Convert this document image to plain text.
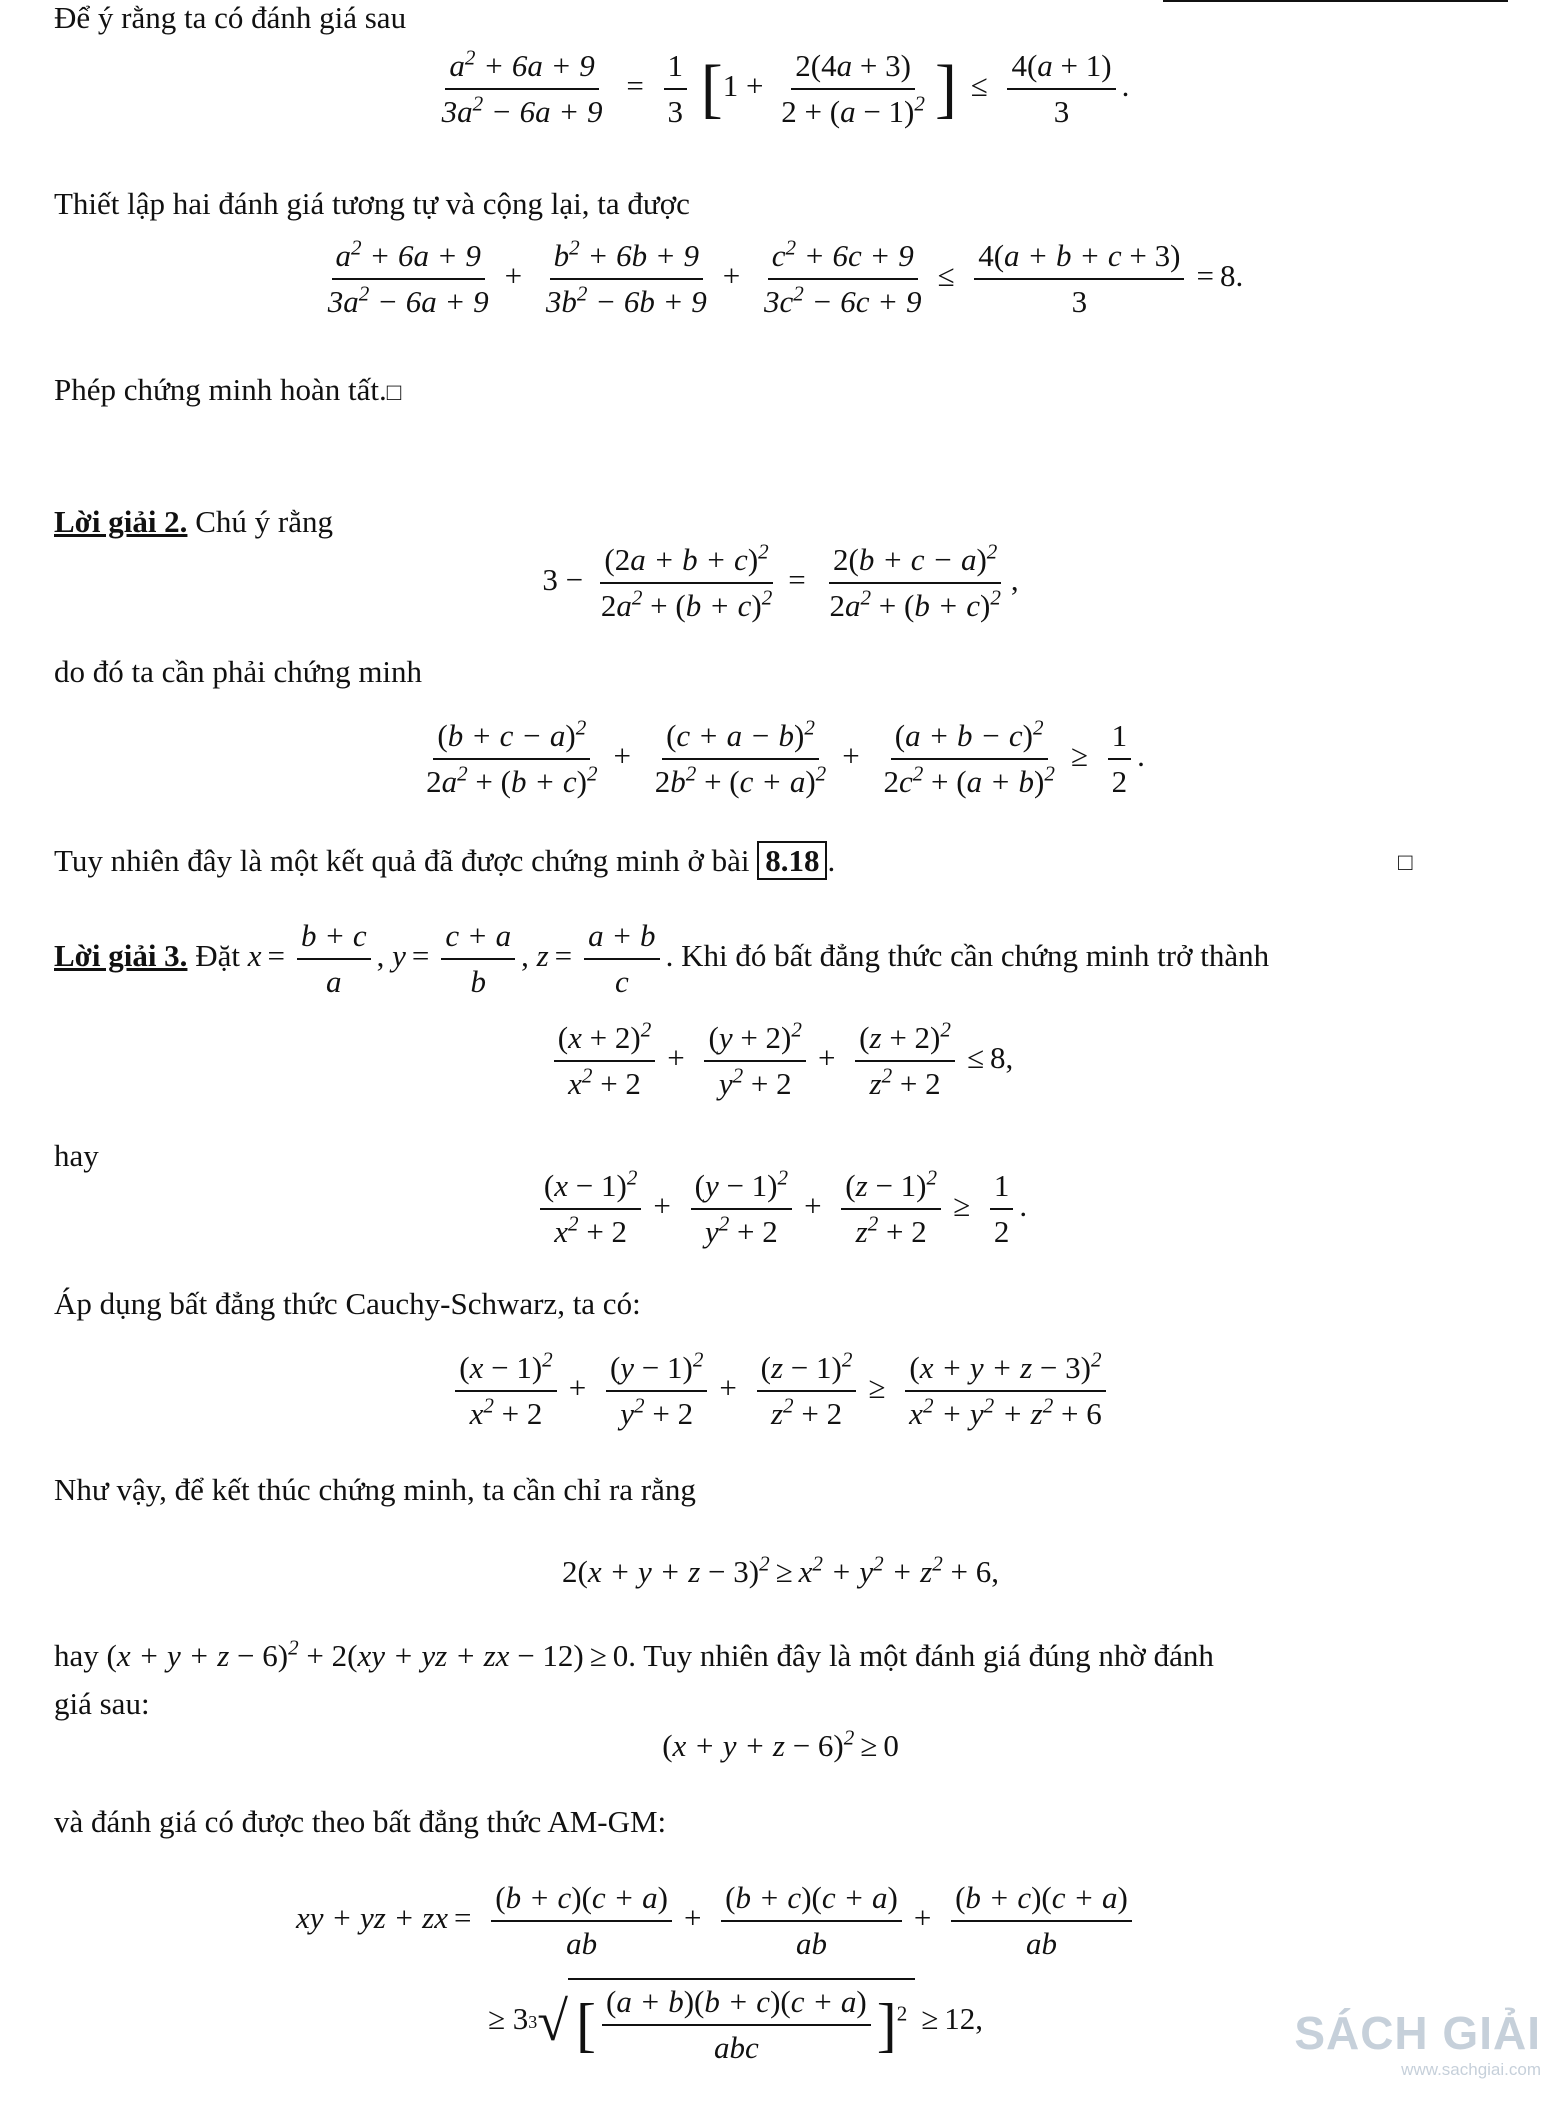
Để ý rằng ta có đánh giá sau
$\frac{a^2 + 6a + 9}{3a^2 - 6a + 9} = \frac{1}{3} [1 + \frac{2(4a + 3)}{2 + (a - 1)^2}$ ] ≤ $\frac{4(a + 1)}{3}$ .
Thiết lập hai đánh giá tương tự và cộng lại, ta được
$\frac{a^2 + 6a + 9}{3a^2 - 6a + 9} + \frac{b^2 + 6b + 9}{3b^2 - 6b + 9} + \frac{c^2 + 6c + 9}{3c^2 - 6c + 9} \le \frac{4(a + b + c + 3)}{3} = 8$.
Phép chứng minh hoàn tất.□
Lời giải 2. Chú ý rằng
$3 - \frac{(2a + b + c)^2}{2a^2 + (b + c)^2} = \frac{2(b + c - a)^2}{2a^2 + (b + c)^2}$ ,
do đó ta cần phải chứng minh
$\frac{(b + c - a)^2}{2a^2 + (b + c)^2} + \frac{(c + a - b)^2}{2b^2 + (c + a)^2} + \frac{(a + b - c)^2}{2c^2 + (a + b)^2} \ge \frac{1}{2}$ .
Tuy nhiên đây là một kết quả đã được chứng minh ở bài 8.18 .	□
Lời giải 3. Đặt $x = \frac{b + c}{a}$ , $y = \frac{c + a}{b}$ , $z = \frac{a + b}{c}$ . Khi đó bất đẳng thức cần chứng minh trở thành
$\frac{(x + 2)^2}{x^2 + 2} + \frac{(y + 2)^2}{y^2 + 2} + \frac{(z + 2)^2}{z^2 + 2} \le 8$,
hay
$\frac{(x - 1)^2}{x^2 + 2} + \frac{(y - 1)^2}{y^2 + 2} + \frac{(z - 1)^2}{z^2 + 2} \ge \frac{1}{2}$ .
Áp dụng bất đẳng thức Cauchy-Schwarz, ta có:
$\frac{(x - 1)^2}{x^2 + 2} + \frac{(y - 1)^2}{y^2 + 2} + \frac{(z - 1)^2}{z^2 + 2} \ge \frac{(x + y + z - 3)^2}{x^2 + y^2 + z^2 + 6}$
Như vậy, để kết thúc chứng minh, ta cần chỉ ra rằng
$2(x + y + z - 3)^2 \ge x^2 + y^2 + z^2 + 6$,
hay $(x + y + z - 6)^2 + 2(xy$ + yz + zx − 12) ≥ 0. Tuy nhiên đây là một đánh giá đúng nhờ đánh
giá sau:
$(x + y + z - 6)^2 \ge 0$
và đánh giá có được theo bất đẳng thức AM-GM:
xy + yz + zx = $\frac{(b + c)(c + a)}{ab} + \frac{(b + c)(c + a)}{ab} + \frac{(b + c)(c + a)}{ab}$
≥ 3 3 √ [ $\frac{(a + b)(b + c)(c + a)}{\text{abc}} ]^2 \ge 12$,	SÁCH GIẢI
www.sachgiai.com
